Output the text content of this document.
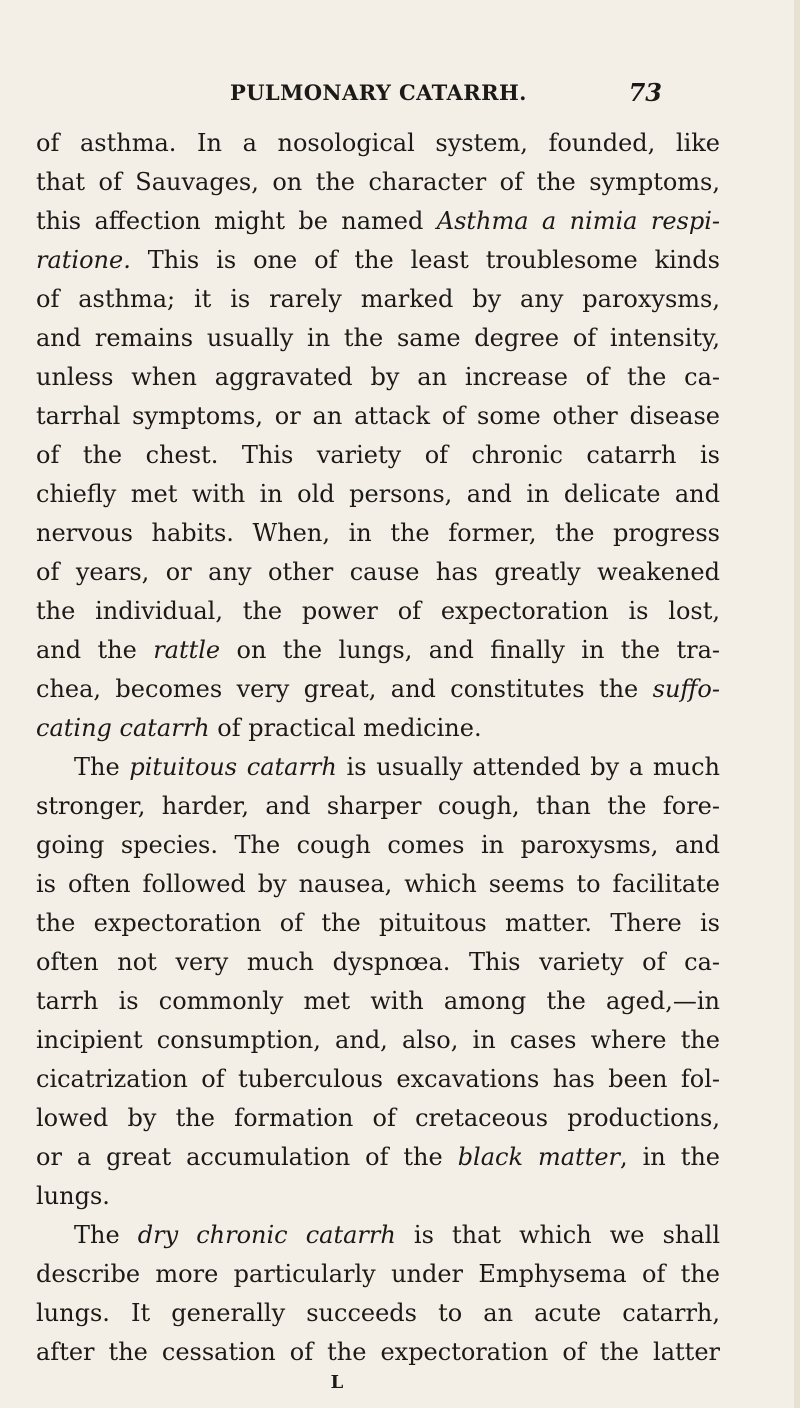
PULMONARY CATARRH.	73
of asthma. In a nosological system, founded, like
that of Sauvages, on the character of the symptoms,
this affection might be named Asthma a nimia respi-
ratione. This is one of the least troublesome kinds
of asthma; it is rarely marked by any paroxysms,
and remains usually in the same degree of intensity,
unless when aggravated by an increase of the ca-
tarrhal symptoms, or an attack of some other disease
of the chest. This variety of chronic catarrh is
chiefly met with in old persons, and in delicate and
nervous habits. When, in the former, the progress
of years, or any other cause has greatly weakened
the individual, the power of expectoration is lost,
and the rattle on the lungs, and finally in the tra-
chea, becomes very great, and constitutes the suffo-
cating catarrh of practical medicine.
The pituitous catarrh is usually attended by a much
stronger, harder, and sharper cough, than the fore-
going species. The cough comes in paroxysms, and
is often followed by nausea, which seems to facilitate
the expectoration of the pituitous matter. There is
often not very much dyspnœa. This variety of ca-
tarrh is commonly met with among the aged,—in
incipient consumption, and, also, in cases where the
cicatrization of tuberculous excavations has been fol-
lowed by the formation of cretaceous productions,
or a great accumulation of the black matter, in the
lungs.
The dry chronic catarrh is that which we shall
describe more particularly under Emphysema of the
lungs. It generally succeeds to an acute catarrh,
after the cessation of the expectoration of the latter
L
